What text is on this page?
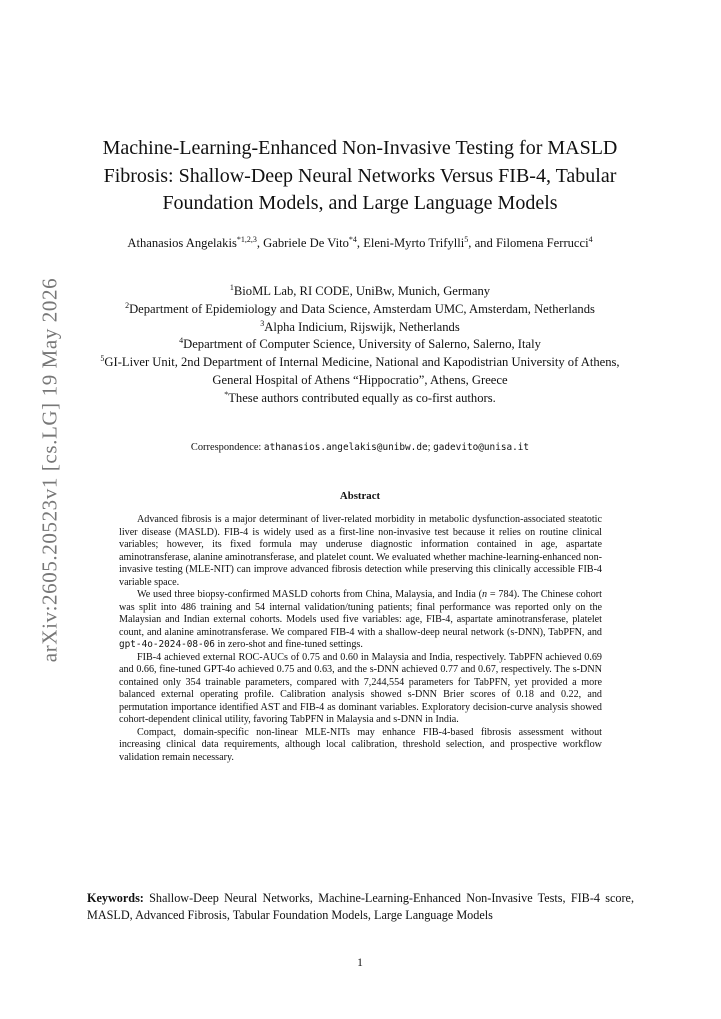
arXiv:2605.20523v1 [cs.LG] 19 May 2026
Machine-Learning-Enhanced Non-Invasive Testing for MASLD Fibrosis: Shallow-Deep Neural Networks Versus FIB-4, Tabular Foundation Models, and Large Language Models
Athanasios Angelakis$^{*1,2,3}$, Gabriele De Vito$^{*4}$, Eleni-Myrto Trifylli$^5$, and Filomena Ferrucci$^4$
$^1$BioML Lab, RI CODE, UniBw, Munich, Germany
$^2$Department of Epidemiology and Data Science, Amsterdam UMC, Amsterdam, Netherlands
$^3$Alpha Indicium, Rijswijk, Netherlands
$^4$Department of Computer Science, University of Salerno, Salerno, Italy
$^5$GI-Liver Unit, 2nd Department of Internal Medicine, National and Kapodistrian University of Athens, General Hospital of Athens “Hippocratio”, Athens, Greece
*These authors contributed equally as co-first authors.
Correspondence: athanasios.angelakis@unibw.de; gadevito@unisa.it
Abstract

Advanced fibrosis is a major determinant of liver-related morbidity in metabolic dysfunction-associated steatotic liver disease (MASLD). FIB-4 is widely used as a first-line non-invasive test because it relies on routine clinical variables; however, its fixed formula may underuse diagnostic information contained in age, aspartate aminotransferase, alanine aminotransferase, and platelet count. We evaluated whether machine-learning-enhanced non-invasive testing (MLE-NIT) can improve advanced fibrosis detection while preserving this clinically accessible FIB-4 variable space.

We used three biopsy-confirmed MASLD cohorts from China, Malaysia, and India (n = 784). The Chinese cohort was split into 486 training and 54 internal validation/tuning patients; final performance was reported only on the Malaysian and Indian external cohorts. Models used five variables: age, FIB-4, aspartate aminotransferase, platelet count, and alanine aminotransferase. We compared FIB-4 with a shallow-deep neural network (s-DNN), TabPFN, and gpt-4o-2024-08-06 in zero-shot and fine-tuned settings.

FIB-4 achieved external ROC-AUCs of 0.75 and 0.60 in Malaysia and India, respectively. TabPFN achieved 0.69 and 0.66, fine-tuned GPT-4o achieved 0.75 and 0.63, and the s-DNN achieved 0.77 and 0.67, respectively. The s-DNN contained only 354 trainable parameters, compared with 7,244,554 parameters for TabPFN, yet provided a more balanced external operating profile. Calibration analysis showed s-DNN Brier scores of 0.18 and 0.22, and permutation importance identified AST and FIB-4 as dominant variables. Exploratory decision-curve analysis showed cohort-dependent clinical utility, favoring TabPFN in Malaysia and s-DNN in India.

Compact, domain-specific non-linear MLE-NITs may enhance FIB-4-based fibrosis assessment without increasing clinical data requirements, although local calibration, threshold selection, and prospective workflow validation remain necessary.

Keywords: Shallow-Deep Neural Networks, Machine-Learning-Enhanced Non-Invasive Tests, FIB-4 score, MASLD, Advanced Fibrosis, Tabular Foundation Models, Large Language Models
1
